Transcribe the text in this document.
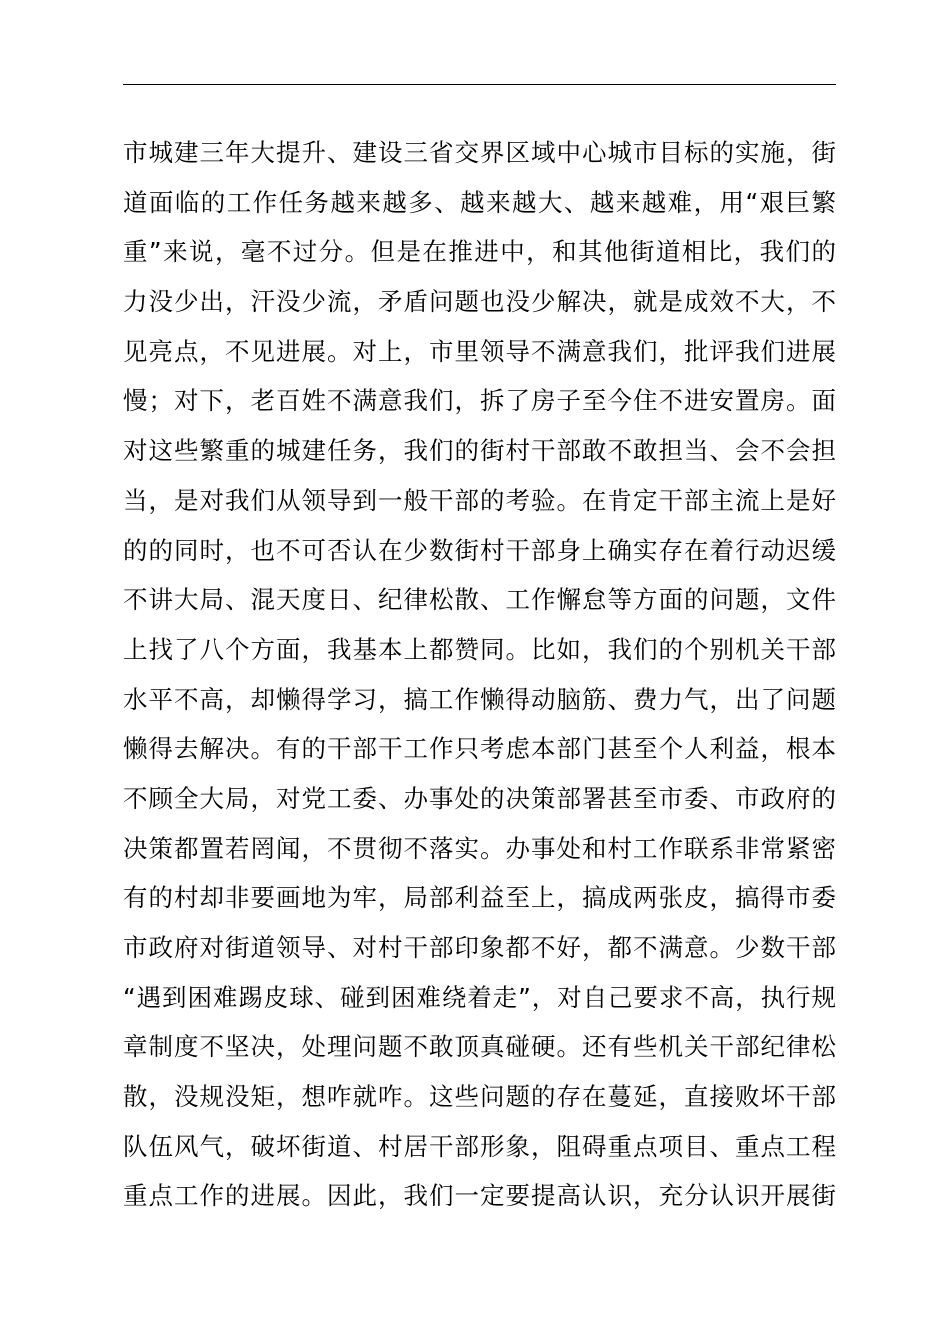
市城建三年大提升、建设三省交界区域中心城市目标的实施，街
道面临的工作任务越来越多、越来越大、越来越难，用“艰巨繁
重”来说，毫不过分。但是在推进中，和其他街道相比，我们的
力没少出，汗没少流，矛盾问题也没少解决，就是成效不大，不
见亮点，不见进展。对上，市里领导不满意我们，批评我们进展
慢；对下，老百姓不满意我们，拆了房子至今住不进安置房。面
对这些繁重的城建任务，我们的街村干部敢不敢担当、会不会担
当，是对我们从领导到一般干部的考验。在肯定干部主流上是好
的的同时，也不可否认在少数街村干部身上确实存在着行动迟缓
不讲大局、混天度日、纪律松散、工作懈怠等方面的问题，文件
上找了八个方面，我基本上都赞同。比如，我们的个别机关干部
水平不高，却懒得学习，搞工作懒得动脑筋、费力气，出了问题
懒得去解决。有的干部干工作只考虑本部门甚至个人利益，根本
不顾全大局，对党工委、办事处的决策部署甚至市委、市政府的
决策都置若罔闻，不贯彻不落实。办事处和村工作联系非常紧密
有的村却非要画地为牢，局部利益至上，搞成两张皮，搞得市委
市政府对街道领导、对村干部印象都不好，都不满意。少数干部
“遇到困难踢皮球、碰到困难绕着走”，对自己要求不高，执行规
章制度不坚决，处理问题不敢顶真碰硬。还有些机关干部纪律松
散，没规没矩，想咋就咋。这些问题的存在蔓延，直接败坏干部
队伍风气，破坏街道、村居干部形象，阻碍重点项目、重点工程
重点工作的进展。因此，我们一定要提高认识，充分认识开展街
